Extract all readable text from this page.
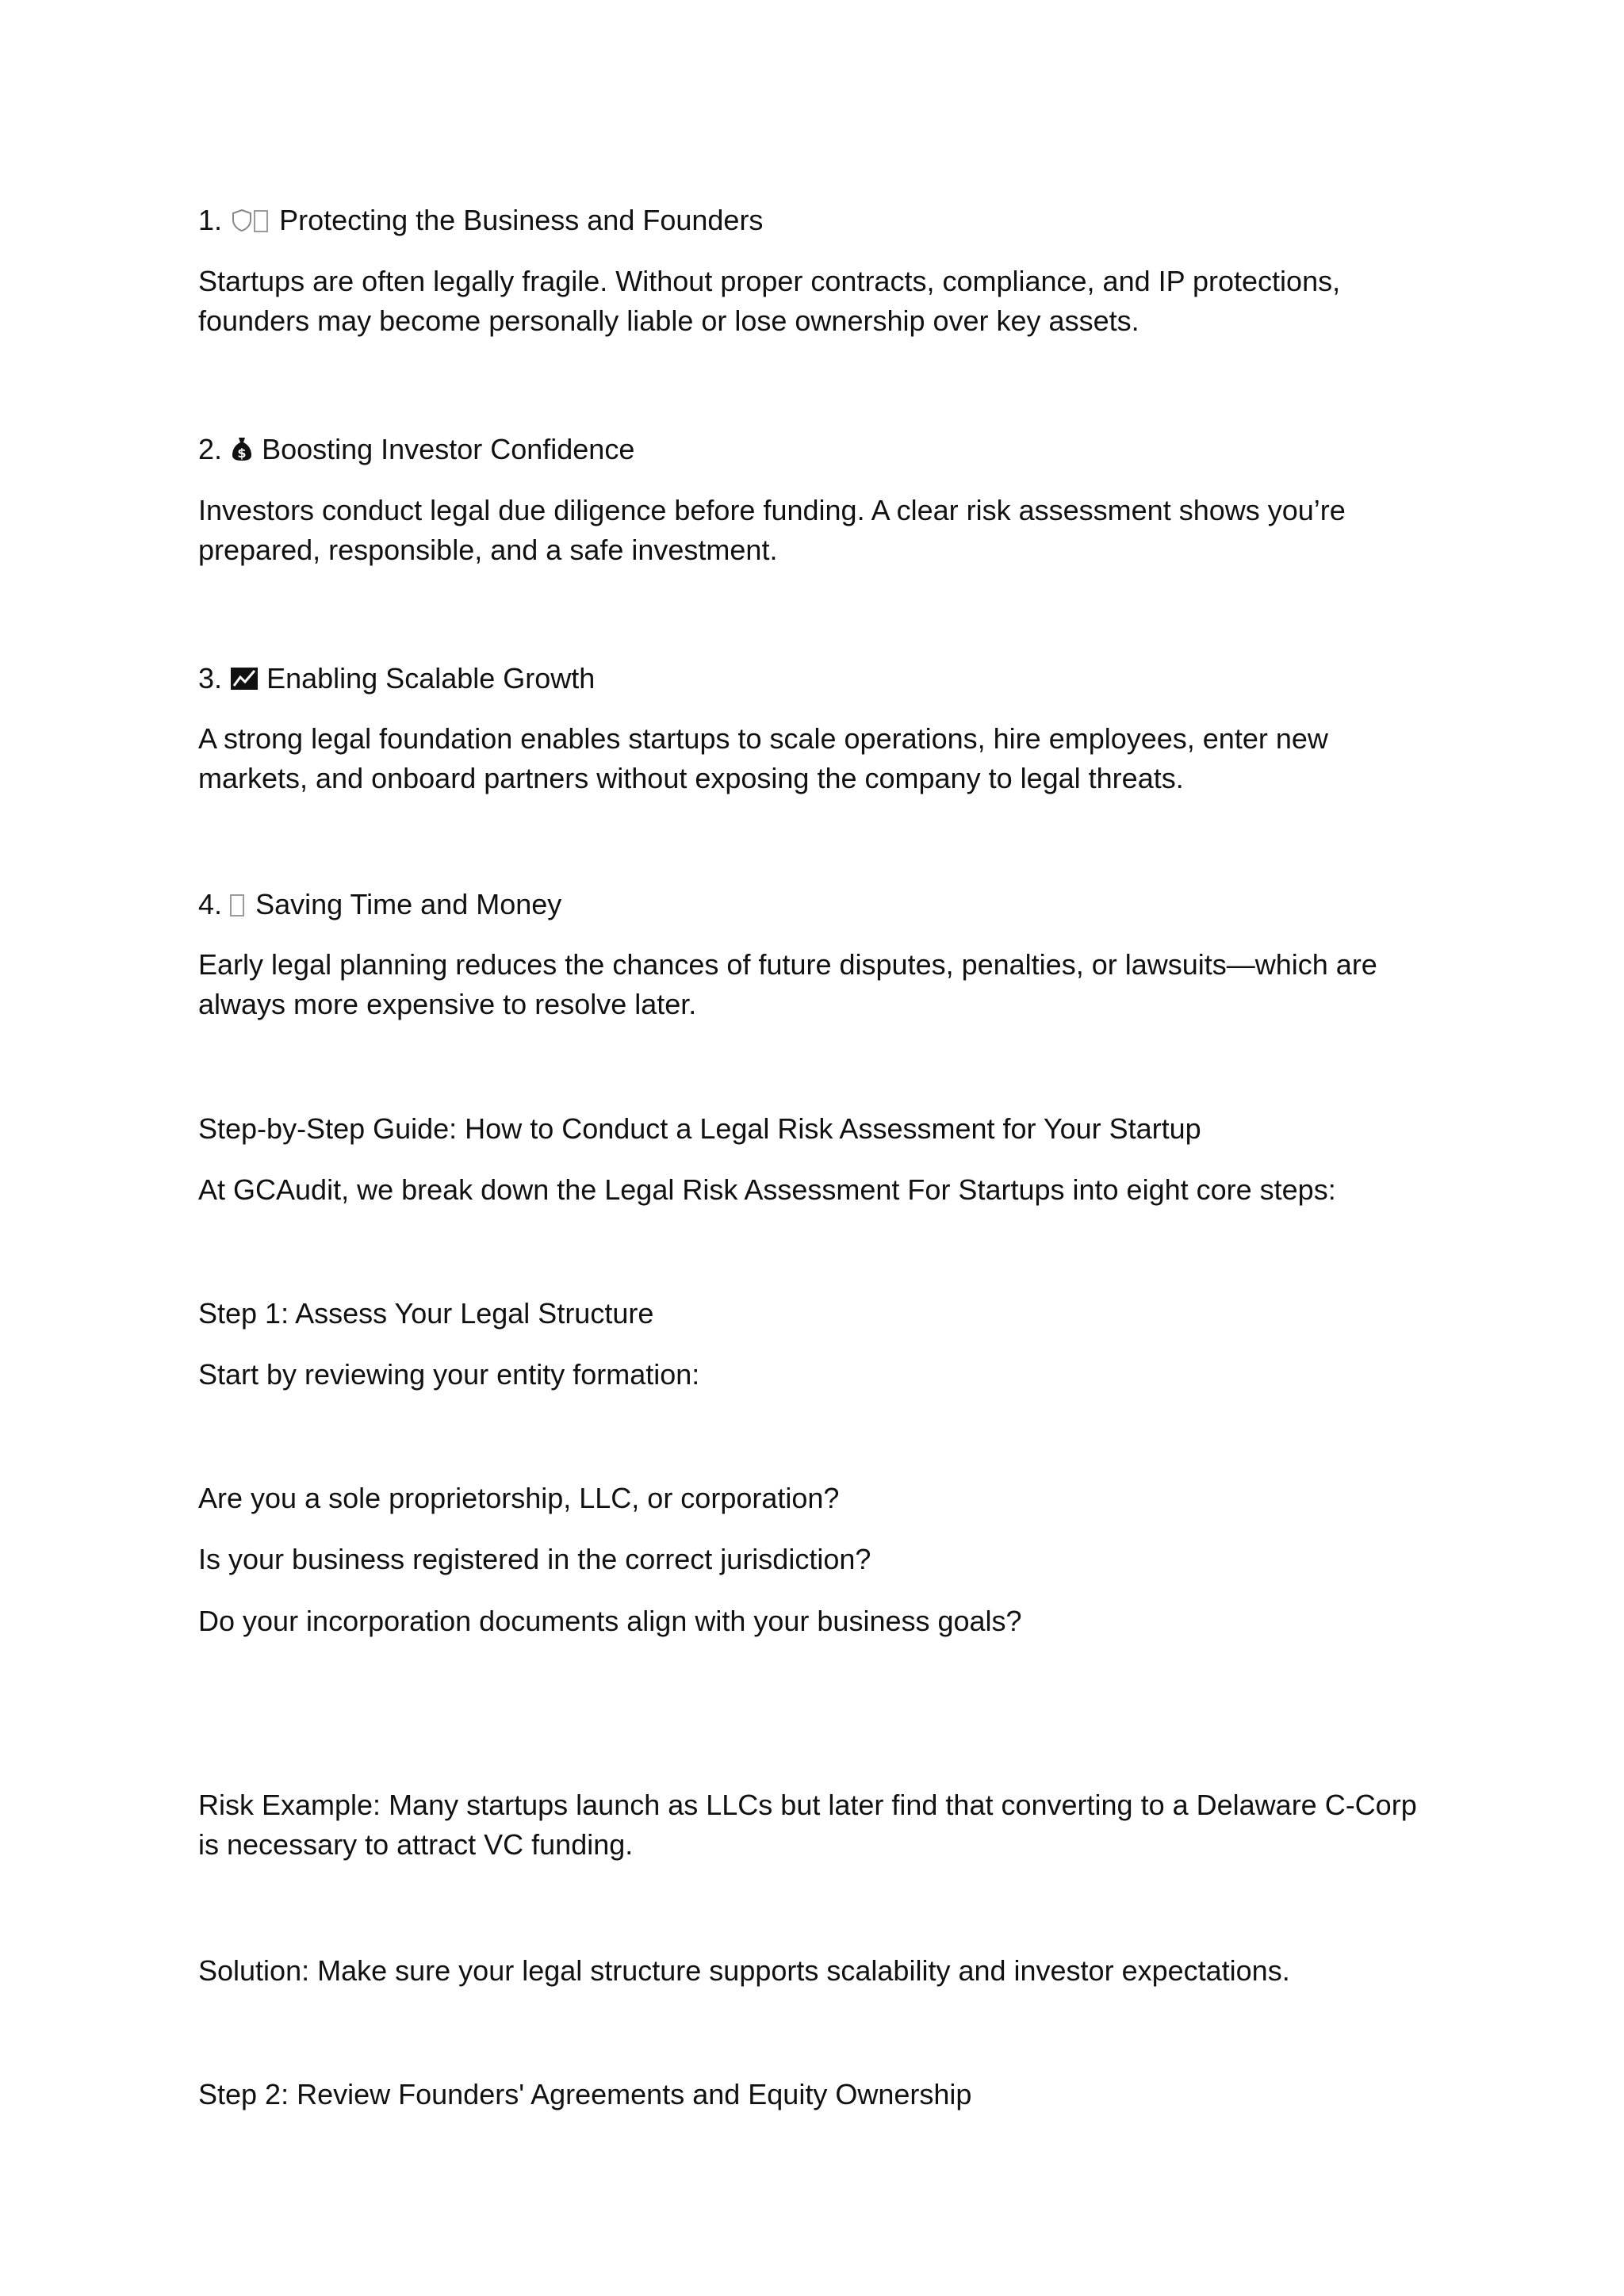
1. Protecting the Business and Founders
Startups are often legally fragile. Without proper contracts, compliance, and IP protections, founders may become personally liable or lose ownership over key assets.
2. $ Boosting Investor Confidence
Investors conduct legal due diligence before funding. A clear risk assessment shows you’re prepared, responsible, and a safe investment.
3. Enabling Scalable Growth
A strong legal foundation enables startups to scale operations, hire employees, enter new markets, and onboard partners without exposing the company to legal threats.
4. Saving Time and Money
Early legal planning reduces the chances of future disputes, penalties, or lawsuits—which are always more expensive to resolve later.
Step-by-Step Guide: How to Conduct a Legal Risk Assessment for Your Startup
At GCAudit, we break down the Legal Risk Assessment For Startups into eight core steps:
Step 1: Assess Your Legal Structure
Start by reviewing your entity formation:
Are you a sole proprietorship, LLC, or corporation?
Is your business registered in the correct jurisdiction?
Do your incorporation documents align with your business goals?
Risk Example: Many startups launch as LLCs but later find that converting to a Delaware C-Corp is necessary to attract VC funding.
Solution: Make sure your legal structure supports scalability and investor expectations.
Step 2: Review Founders' Agreements and Equity Ownership
